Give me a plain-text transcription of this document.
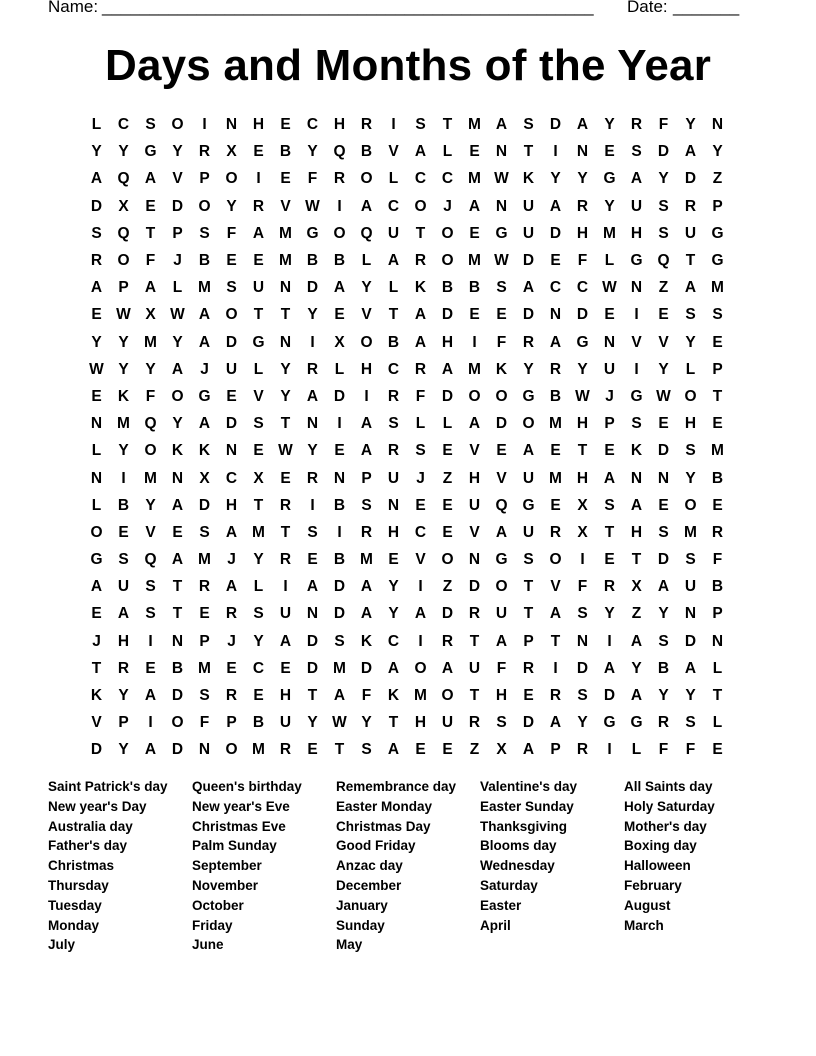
Name: ____________________________________________________ Date: _______
Days and Months of the Year
L	C	S	O	I	N	H	E	C	H	R	I	S	T	M A	S	D	A	Y	R	F	Y	N
Y	Y	G	Y	R	X	E	B	Y	Q B	V	A	L	E	N	T	I	N	E	S	D	A	Y
A Q A	V	P	O	I	E	F	R O	L	C	C M W K	Y	Y	G A	Y	D	Z
D	X	E	D O	Y	R	V W	I	A	C O	J	A	N	U	A	R	Y	U	S	R	P
S	Q	T	P	S	F	A M G O Q U	T	O	E	G U	D	H M H	S	U G
R O	F	J	B	E	E M B	B	L	A	R O M W D	E	F	L	G Q	T	G
A	P	A	L	M S	U	N	D	A	Y	L	K	B	B	S	A	C	C W N	Z	A M
E W X W A O	T	T	Y	E	V	T	A	D	E	E	D	N	D	E	I	E	S	S
Y	Y M Y	A	D G N	I	X	O B	A	H	I	F	R	A G N	V	V	Y	E
W Y	Y	A	J	U	L	Y	R	L	H	C	R	A M K	Y	R	Y	U	I	Y	L	P
E	K	F	O G	E	V	Y	A	D	I	R	F	D O O G B W J	G W O	T
N M Q	Y	A	D	S	T	N	I	A	S	L	L	A	D O M H	P	S	E	H	E
L	Y	O K	K	N	E W Y	E	A	R	S	E	V	E	A	E	T	E	K	D	S M
N	I	M N	X	C	X	E	R	N	P	U	J	Z	H	V	U M H	A	N	N	Y	B
L	B	Y	A	D	H	T	R	I	B	S	N	E	E	U Q G	E	X	S	A	E	O	E
O	E	V	E	S	A M	T	S	I	R	H	C	E	V	A	U	R	X	T	H	S M R
G	S	Q A M	J	Y	R	E	B M E	V	O N G	S	O	I	E	T	D	S	F
A	U	S	T	R	A	L	I	A	D	A	Y	I	Z	D O	T	V	F	R	X	A	U	B
E	A	S	T	E	R	S	U	N	D	A	Y	A	D	R	U	T	A	S	Y	Z	Y	N	P
J	H	I	N	P	J	Y	A	D	S	K	C	I	R	T	A	P	T	N	I	A	S	D	N
T	R	E	B M E	C	E	D M D	A O A	U	F	R	I	D	A	Y	B	A	L
K	Y	A	D	S	R	E	H	T	A	F	K M O	T	H	E	R	S	D	A	Y	Y	T
V	P	I	O	F	P	B	U	Y W Y	T	H	U	R	S	D	A	Y	G G R	S	L
D	Y	A	D	N O M R	E	T	S	A	E	E	Z	X	A	P	R	I	L	F	F	E
Saint Patrick's day
New year's Day
Australia day
Father's day
Christmas
Thursday
Tuesday
Monday
July
Queen's birthday
New year's Eve
Christmas Eve
Palm Sunday
September
November
October
Friday
June
Remembrance day
Easter Monday
Christmas Day
Good Friday
Anzac day
December
January
Sunday
May
Valentine's day
Easter Sunday
Thanksgiving
Blooms day
Wednesday
Saturday
Easter
April
All Saints day
Holy Saturday
Mother's day
Boxing day
Halloween
February
August
March
